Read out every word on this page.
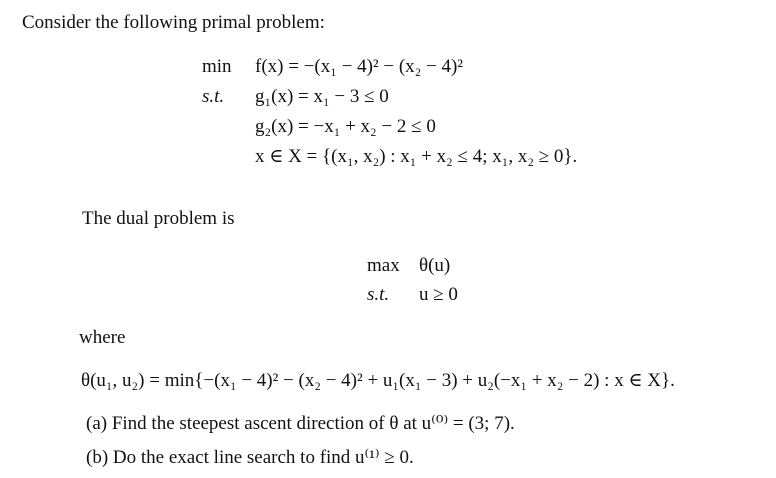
Consider the following primal problem:
min f(x) = −(x₁ − 4)² − (x₂ − 4)²
s.t. g₁(x) = x₁ − 3 ≤ 0
g₂(x) = −x₁ + x₂ − 2 ≤ 0
x ∈ X = {(x₁, x₂) : x₁ + x₂ ≤ 4; x₁, x₂ ≥ 0}.
The dual problem is
max θ(u)
s.t. u ≥ 0
where
θ(u₁, u₂) = min{−(x₁ − 4)² − (x₂ − 4)² + u₁(x₁ − 3) + u₂(−x₁ + x₂ − 2) : x ∈ X}.
(a) Find the steepest ascent direction of θ at u⁽⁰⁾ = (3; 7).
(b) Do the exact line search to find u⁽¹⁾ ≥ 0.
